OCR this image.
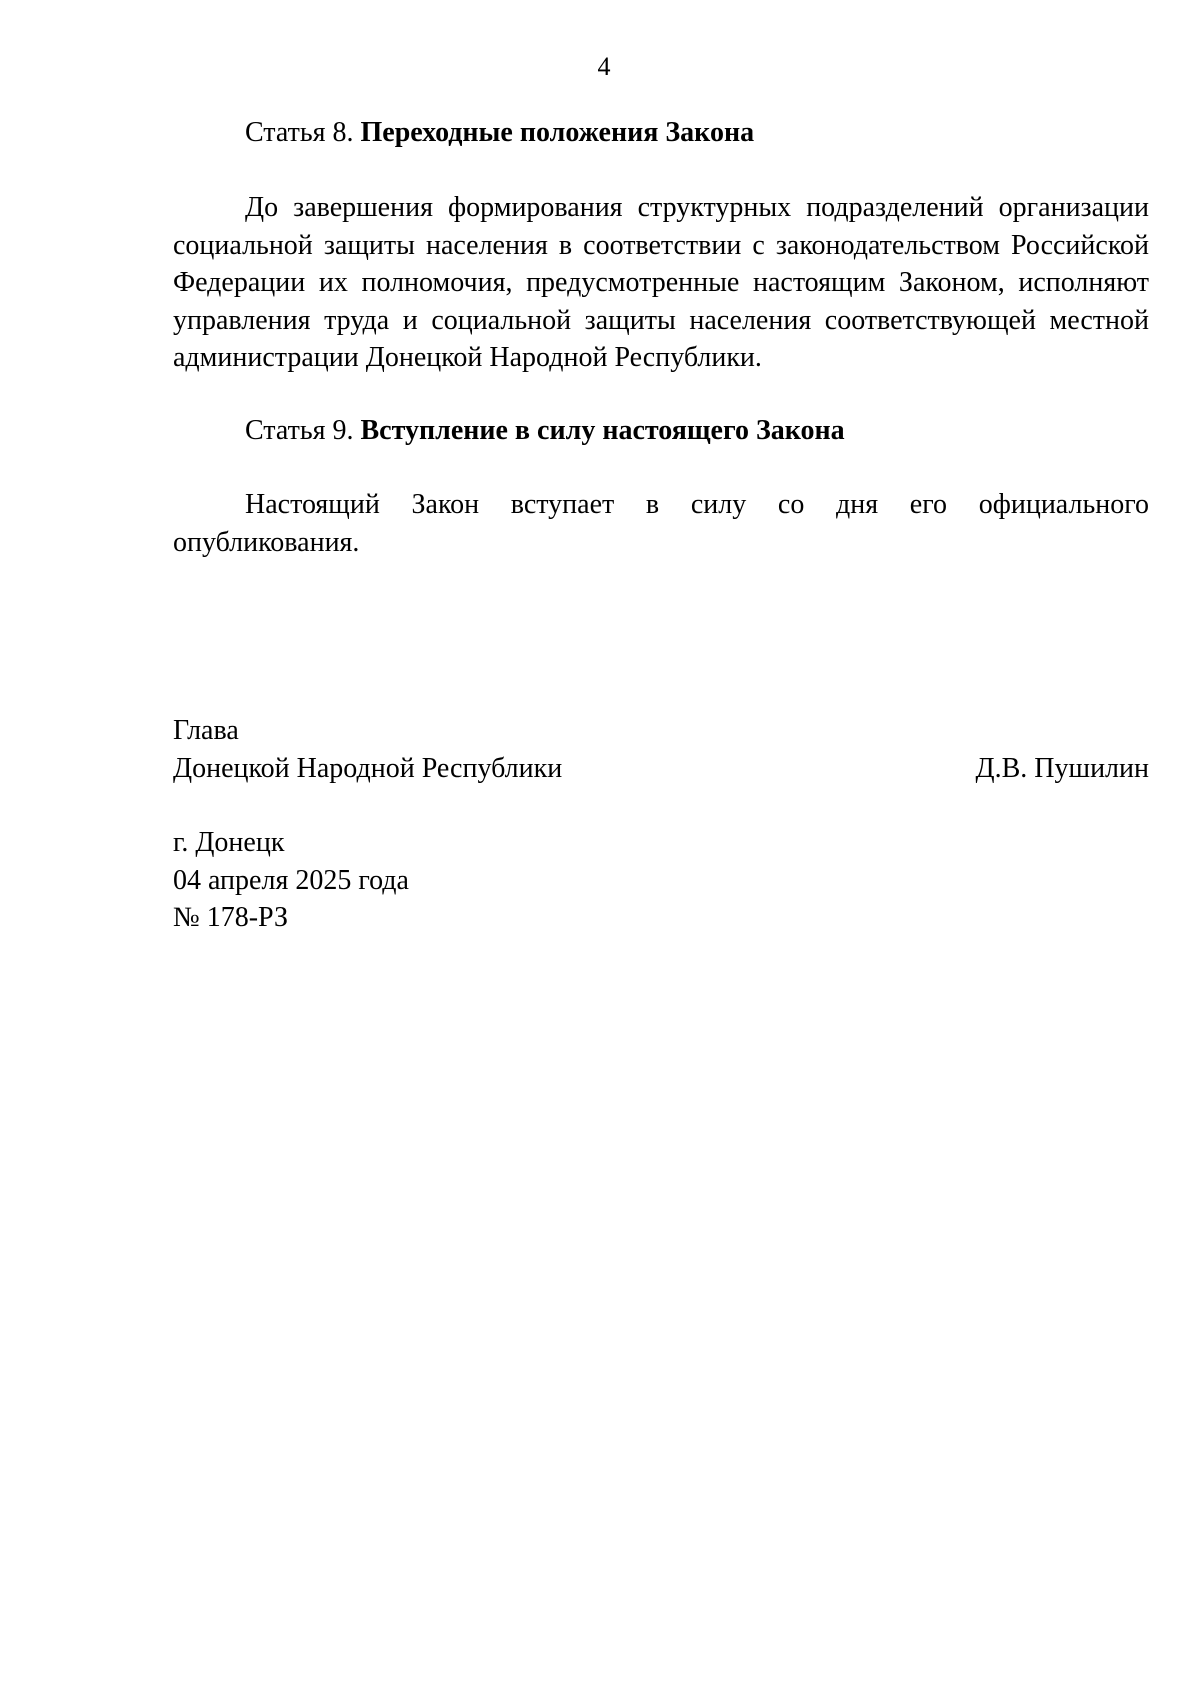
4
Статья 8. Переходные положения Закона
До завершения формирования структурных подразделений организации
социальной защиты населения в соответствии с законодательством Российской
Федерации их полномочия, предусмотренные настоящим Законом, исполняют
управления труда и социальной защиты населения соответствующей местной
администрации Донецкой Народной Республики.
Статья 9. Вступление в силу настоящего Закона
Настоящий Закон вступает в силу со дня его официального
опубликования.
Глава
Донецкой Народной Республики	Д.В. Пушилин
г. Донецк
04 апреля 2025 года
№ 178-РЗ
